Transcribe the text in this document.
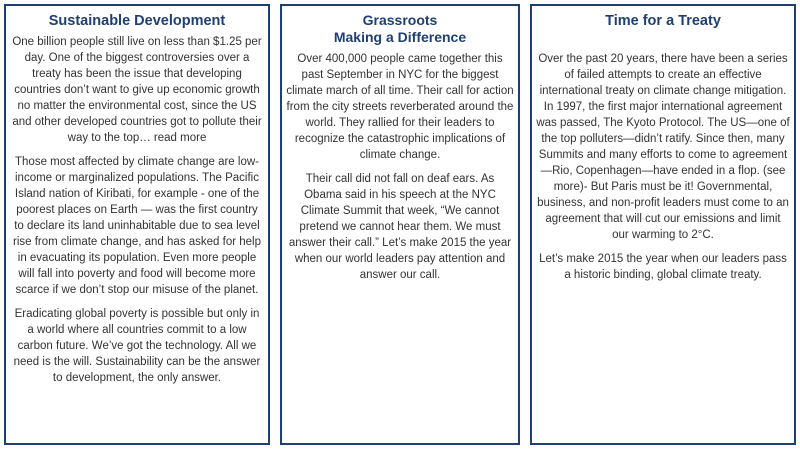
Sustainable Development

One billion people still live on less than $1.25 per day. One of the biggest controversies over a treaty has been the issue that developing countries don’t want to give up economic growth no matter the environmental cost, since the US and other developed countries got to pollute their way to the top… read more

Those most affected by climate change are low-income or marginalized populations. The Pacific Island nation of Kiribati, for example - one of the poorest places on Earth — was the first country to declare its land uninhabitable due to sea level rise from climate change, and has asked for help in evacuating its population. Even more people will fall into poverty and food will become more scarce if we don’t stop our misuse of the planet.

Eradicating global poverty is possible but only in a world where all countries commit to a low carbon future. We’ve got the technology. All we need is the will. Sustainability can be the answer to development, the only answer.

Grassroots
Making a Difference

Over 400,000 people came together this past September in NYC for the biggest climate march of all time. Their call for action from the city streets reverberated around the world. They rallied for their leaders to recognize the catastrophic implications of climate change.

Their call did not fall on deaf ears. As Obama said in his speech at the NYC Climate Summit that week, “We cannot pretend we cannot hear them. We must answer their call.” Let’s make 2015 the year when our world leaders pay attention and answer our call.

Time for a Treaty

Over the past 20 years, there have been a series of failed attempts to create an effective international treaty on climate change mitigation. In 1997, the first major international agreement was passed, The Kyoto Protocol. The US—one of the top polluters—didn’t ratify. Since then, many Summits and many efforts to come to agreement—Rio, Copenhagen—have ended in a flop. (see more)- But Paris must be it! Governmental, business, and non-profit leaders must come to an agreement that will cut our emissions and limit our warming to 2°C.

Let’s make 2015 the year when our leaders pass a historic binding, global climate treaty.
